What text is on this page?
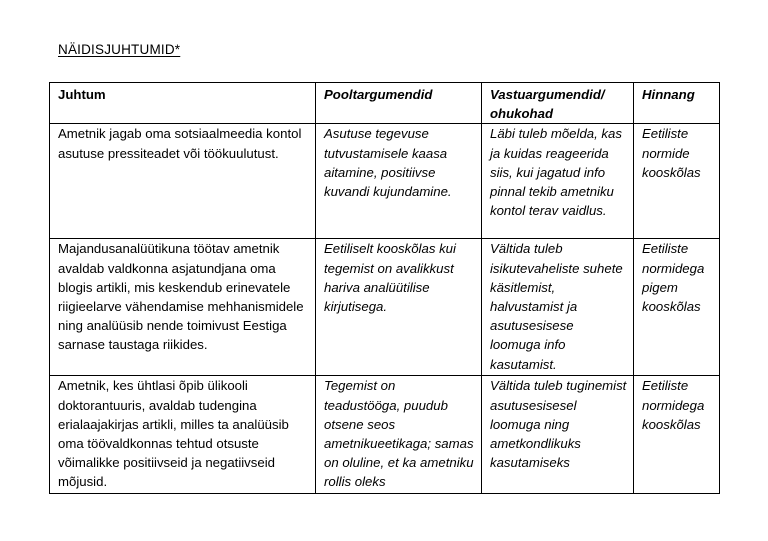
NÄIDISJUHTUMID*
Juhtum	Pooltargumendid	Vastuargumendid/ ohukohad	Hinnang

Ametnik jagab oma sotsiaalmeedia kontol asutuse pressiteadet või töökuulutust.	Asutuse tegevuse tutvustamisele kaasa aitamine, positiivse kuvandi kujundamine.	Läbi tuleb mõelda, kas ja kuidas reageerida siis, kui jagatud info pinnal tekib ametniku kontol terav vaidlus.	Eetiliste normide kooskõlas

Majandusanalüütikuna töötav ametnik avaldab valdkonna asjatundjana oma blogis artikli, mis keskendub erinevatele riigieelarve vähendamise mehhanismidele ning analüüsib nende toimivust Eestiga sarnase taustaga riikides.	Eetiliselt kooskõlas kui tegemist on avalikkust hariva analüütilise kirjutisega.	Vältida tuleb isikutevaheliste suhete käsitlemist, halvustamist ja asutusesisese loomuga info kasutamist.	Eetiliste normidega pigem kooskõlas

Ametnik, kes ühtlasi õpib ülikooli doktorantuuris, avaldab tudengina erialaajakirjas artikli, milles ta analüüsib oma töövaldkonnas tehtud otsuste võimalikke positiivseid ja negatiivseid mõjusid.	Tegemist on teadustööga, puudub otsene seos ametnikueetikaga; samas on oluline, et ka ametniku rollis oleks	Vältida tuleb tuginemist asutusesisesel loomuga ning ametkondlikuks kasutamiseks	Eetiliste normidega kooskõlas
